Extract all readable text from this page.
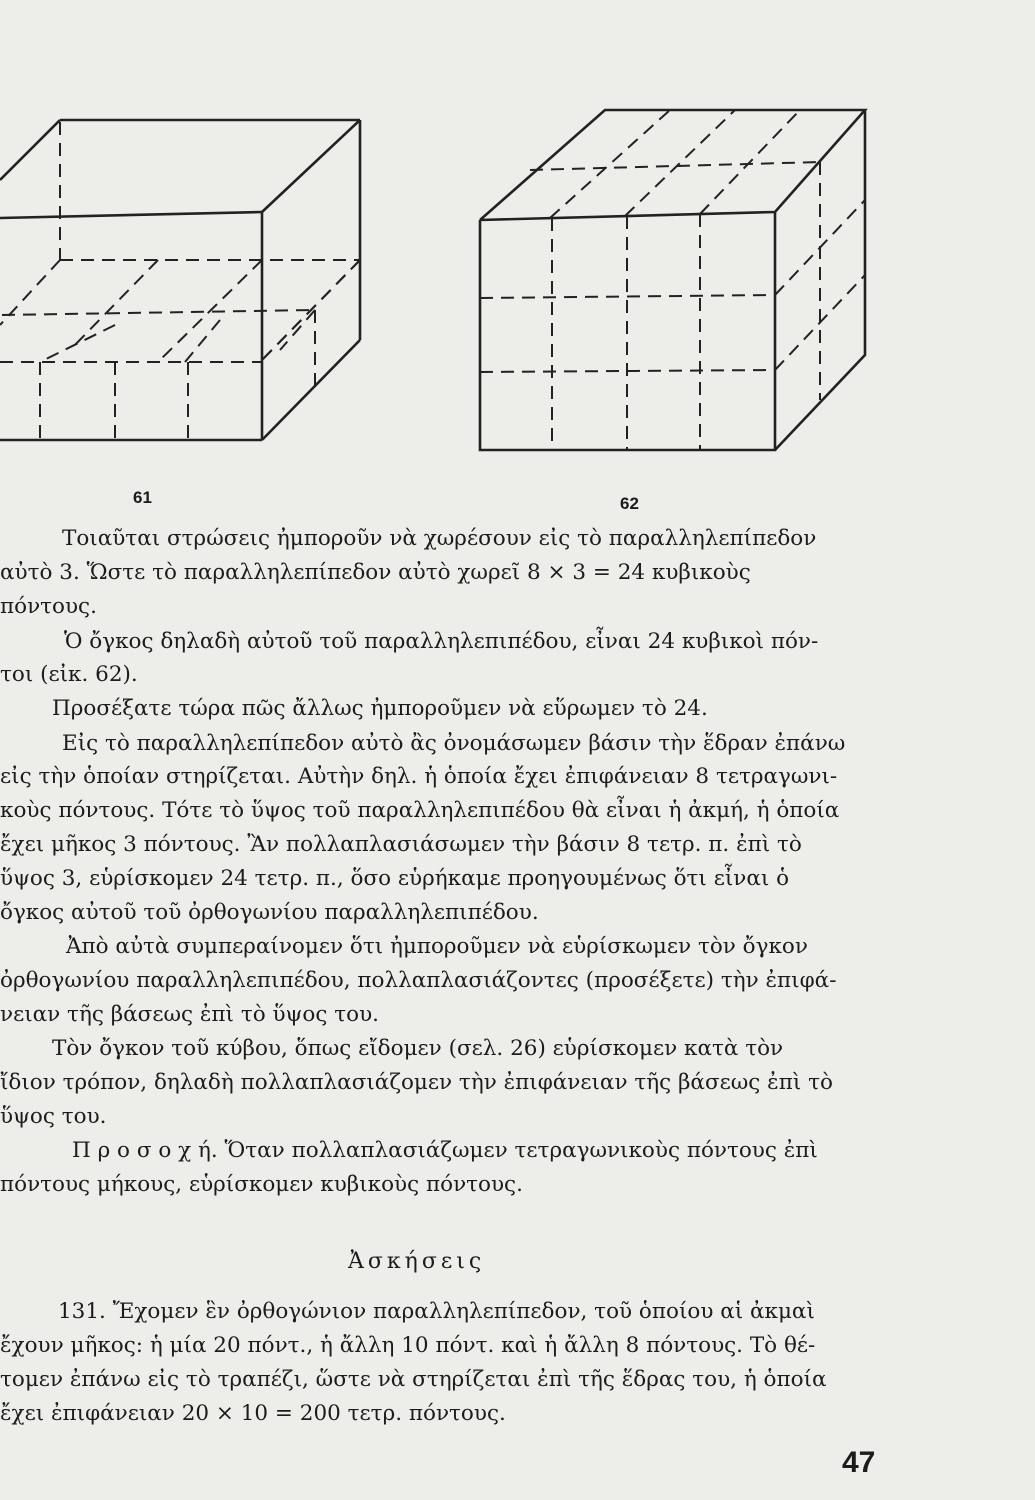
61	62
Τοιαῦται στρώσεις ἠμποροῦν νὰ χωρέσουν εἰς τὸ παραλληλεπίπεδον
αὐτὸ 3. Ὥστε τὸ παραλληλεπίπεδον αὐτὸ χωρεῖ 8 × 3 = 24 κυβικοὺς
πόντους.
Ὁ ὄγκος δηλαδὴ αὐτοῦ τοῦ παραλληλεπιπέδου, εἶναι 24 κυβικοὶ πόν-
τοι (εἰκ. 62).
Προσέξατε τώρα πῶς ἄλλως ἠμποροῦμεν νὰ εὕρωμεν τὸ 24.
Εἰς τὸ παραλληλεπίπεδον αὐτὸ ἂς ὀνομάσωμεν βάσιν τὴν ἕδραν ἐπάνω
εἰς τὴν ὁποίαν στηρίζεται. Αὐτὴν δηλ. ἡ ὁποία ἔχει ἐπιφάνειαν 8 τετραγωνι-
κοὺς πόντους. Τότε τὸ ὕψος τοῦ παραλληλεπιπέδου θὰ εἶναι ἡ ἀκμή, ἡ ὁποία
ἔχει μῆκος 3 πόντους. Ἂν πολλαπλασιάσωμεν τὴν βάσιν 8 τετρ. π. ἐπὶ τὸ
ὕψος 3, εὑρίσκομεν 24 τετρ. π., ὅσο εὑρήκαμε προηγουμένως ὅτι εἶναι ὁ
ὄγκος αὐτοῦ τοῦ ὀρθογωνίου παραλληλεπιπέδου.
Ἀπὸ αὐτὰ συμπεραίνομεν ὅτι ἠμποροῦμεν νὰ εὑρίσκωμεν τὸν ὄγκον
ὀρθογωνίου παραλληλεπιπέδου, πολλαπλασιάζοντες (προσέξετε) τὴν ἐπιφά-
νειαν τῆς βάσεως ἐπὶ τὸ ὕψος του.
Τὸν ὄγκον τοῦ κύβου, ὅπως εἴδομεν (σελ. 26) εὑρίσκομεν κατὰ τὸν
ἴδιον τρόπον, δηλαδὴ πολλαπλασιάζομεν τὴν ἐπιφάνειαν τῆς βάσεως ἐπὶ τὸ
ὕψος του.
Π ρ ο σ ο χ ή. Ὅταν πολλαπλασιάζωμεν τετραγωνικοὺς πόντους ἐπὶ
πόντους μήκους, εὑρίσκομεν κυβικοὺς πόντους.
Ἀσκήσεις
131. Ἔχομεν ἓν ὀρθογώνιον παραλληλεπίπεδον, τοῦ ὁποίου αἱ ἀκμαὶ
ἔχουν μῆκος: ἡ μία 20 πόντ., ἡ ἄλλη 10 πόντ. καὶ ἡ ἄλλη 8 πόντους. Τὸ θέ-
τομεν ἐπάνω εἰς τὸ τραπέζι, ὥστε νὰ στηρίζεται ἐπὶ τῆς ἕδρας του, ἡ ὁποία
ἔχει ἐπιφάνειαν 20 × 10 = 200 τετρ. πόντους.
47
